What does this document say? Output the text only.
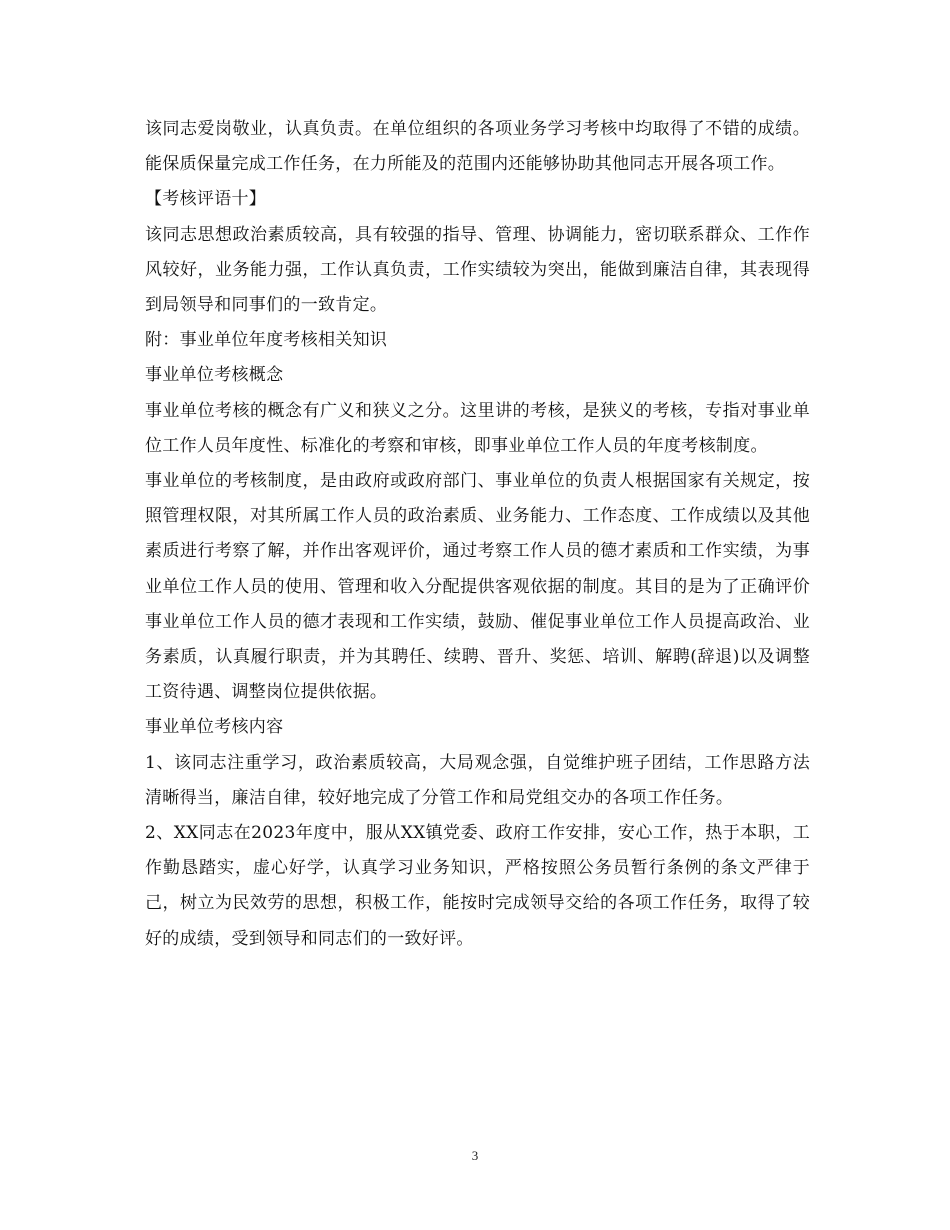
该同志爱岗敬业，认真负责。在单位组织的各项业务学习考核中均取得了不错的成绩。能保质保量完成工作任务，在力所能及的范围内还能够协助其他同志开展各项工作。

【考核评语十】

该同志思想政治素质较高，具有较强的指导、管理、协调能力，密切联系群众、工作作风较好，业务能力强，工作认真负责，工作实绩较为突出，能做到廉洁自律，其表现得到局领导和同事们的一致肯定。

附：事业单位年度考核相关知识

事业单位考核概念

事业单位考核的概念有广义和狭义之分。这里讲的考核，是狭义的考核，专指对事业单位工作人员年度性、标准化的考察和审核，即事业单位工作人员的年度考核制度。

事业单位的考核制度，是由政府或政府部门、事业单位的负责人根据国家有关规定，按照管理权限，对其所属工作人员的政治素质、业务能力、工作态度、工作成绩以及其他素质进行考察了解，并作出客观评价，通过考察工作人员的德才素质和工作实绩，为事业单位工作人员的使用、管理和收入分配提供客观依据的制度。其目的是为了正确评价事业单位工作人员的德才表现和工作实绩，鼓励、催促事业单位工作人员提高政治、业务素质，认真履行职责，并为其聘任、续聘、晋升、奖惩、培训、解聘(辞退)以及调整工资待遇、调整岗位提供依据。

事业单位考核内容

1、该同志注重学习，政治素质较高，大局观念强，自觉维护班子团结，工作思路方法清晰得当，廉洁自律，较好地完成了分管工作和局党组交办的各项工作任务。

2、XX同志在2023年度中，服从XX镇党委、政府工作安排，安心工作，热于本职，工作勤恳踏实，虚心好学，认真学习业务知识，严格按照公务员暂行条例的条文严律于己，树立为民效劳的思想，积极工作，能按时完成领导交给的各项工作任务，取得了较好的成绩，受到领导和同志们的一致好评。

3
